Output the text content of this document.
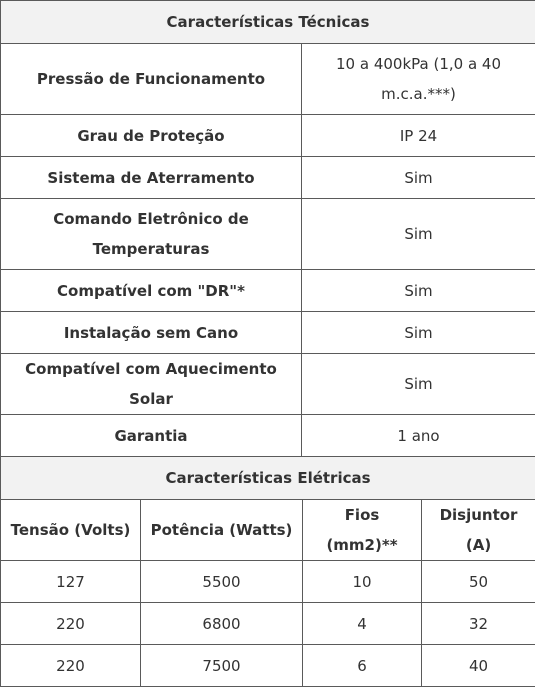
Características Técnicas	
Pressão de Funcionamento	10 a 400kPa (1,0 a 40 m.c.a.***)
Grau de Proteção	IP 24
Sistema de Aterramento	Sim
Comando Eletrônico de Temperaturas	Sim
Compatível com "DR"*	Sim
Instalação sem Cano	Sim
Compatível com Aquecimento Solar	Sim
Garantia	1 ano
Características Elétricas			
Tensão (Volts)	Potência (Watts)	Fios (mm2)**	Disjuntor (A)
127	5500	10	50
220	6800	4	32
220	7500	6	40
